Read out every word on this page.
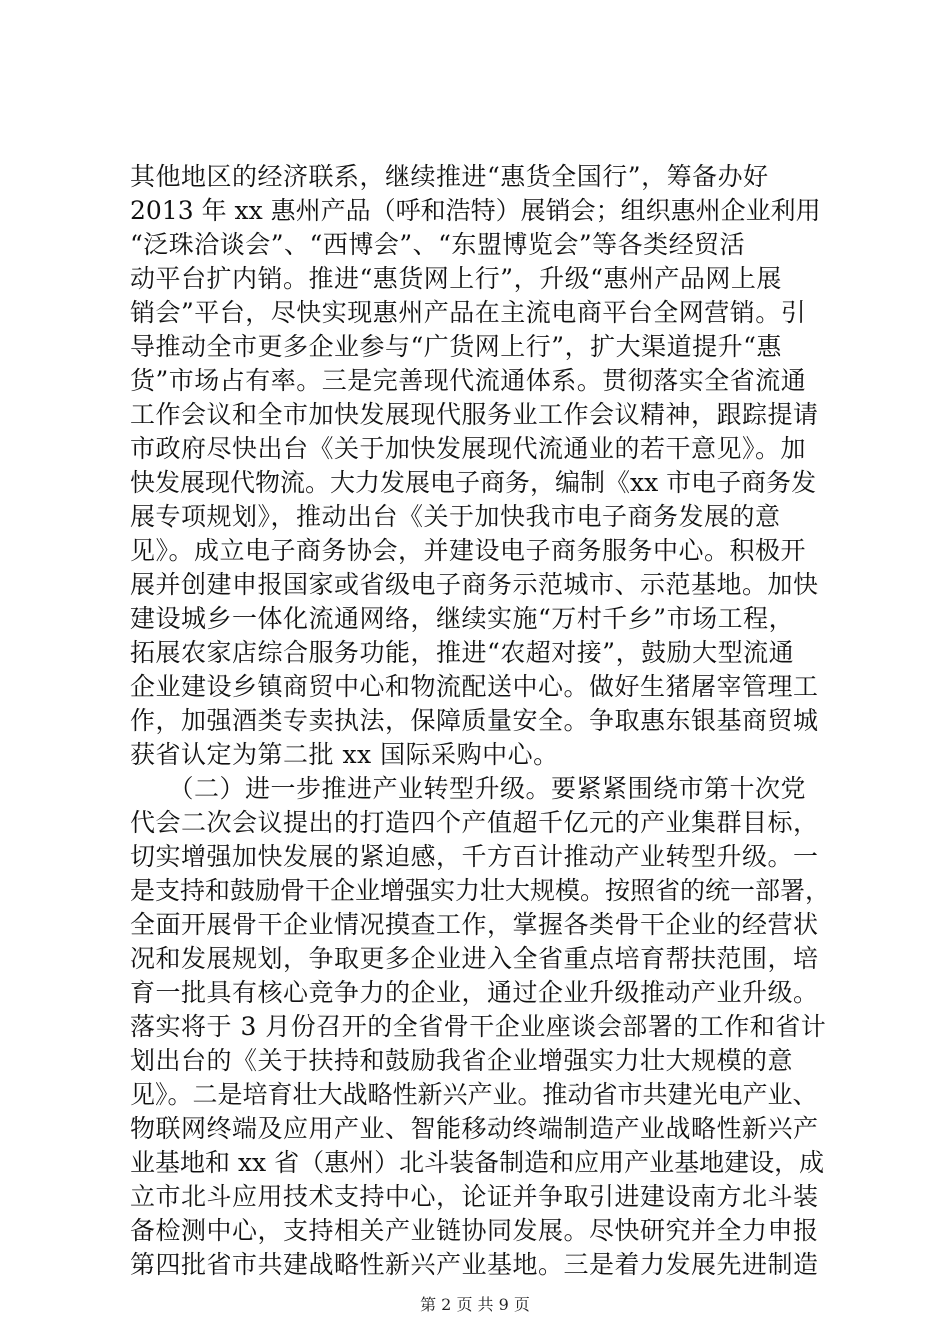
其他地区的经济联系，继续推进“惠货全国行”，筹备办好
2013 年 xx 惠州产品（呼和浩特）展销会；组织惠州企业利用
“泛珠洽谈会”、“西博会”、“东盟博览会”等各类经贸活
动平台扩内销。推进“惠货网上行”，升级“惠州产品网上展
销会”平台，尽快实现惠州产品在主流电商平台全网营销。引
导推动全市更多企业参与“广货网上行”，扩大渠道提升“惠
货”市场占有率。三是完善现代流通体系。贯彻落实全省流通
工作会议和全市加快发展现代服务业工作会议精神，跟踪提请
市政府尽快出台《关于加快发展现代流通业的若干意见》。加
快发展现代物流。大力发展电子商务，编制《xx 市电子商务发
展专项规划》，推动出台《关于加快我市电子商务发展的意
见》。成立电子商务协会，并建设电子商务服务中心。积极开
展并创建申报国家或省级电子商务示范城市、示范基地。加快
建设城乡一体化流通网络，继续实施“万村千乡”市场工程，
拓展农家店综合服务功能，推进“农超对接”，鼓励大型流通
企业建设乡镇商贸中心和物流配送中心。做好生猪屠宰管理工
作，加强酒类专卖执法，保障质量安全。争取惠东银基商贸城
获省认定为第二批 xx 国际采购中心。
　　（二）进一步推进产业转型升级。要紧紧围绕市第十次党
代会二次会议提出的打造四个产值超千亿元的产业集群目标，
切实增强加快发展的紧迫感，千方百计推动产业转型升级。一
是支持和鼓励骨干企业增强实力壮大规模。按照省的统一部署，
全面开展骨干企业情况摸查工作，掌握各类骨干企业的经营状
况和发展规划，争取更多企业进入全省重点培育帮扶范围，培
育一批具有核心竞争力的企业，通过企业升级推动产业升级。
落实将于 3 月份召开的全省骨干企业座谈会部署的工作和省计
划出台的《关于扶持和鼓励我省企业增强实力壮大规模的意
见》。二是培育壮大战略性新兴产业。推动省市共建光电产业、
物联网终端及应用产业、智能移动终端制造产业战略性新兴产
业基地和 xx 省（惠州）北斗装备制造和应用产业基地建设，成
立市北斗应用技术支持中心，论证并争取引进建设南方北斗装
备检测中心，支持相关产业链协同发展。尽快研究并全力申报
第四批省市共建战略性新兴产业基地。三是着力发展先进制造
第 2 页 共 9 页
